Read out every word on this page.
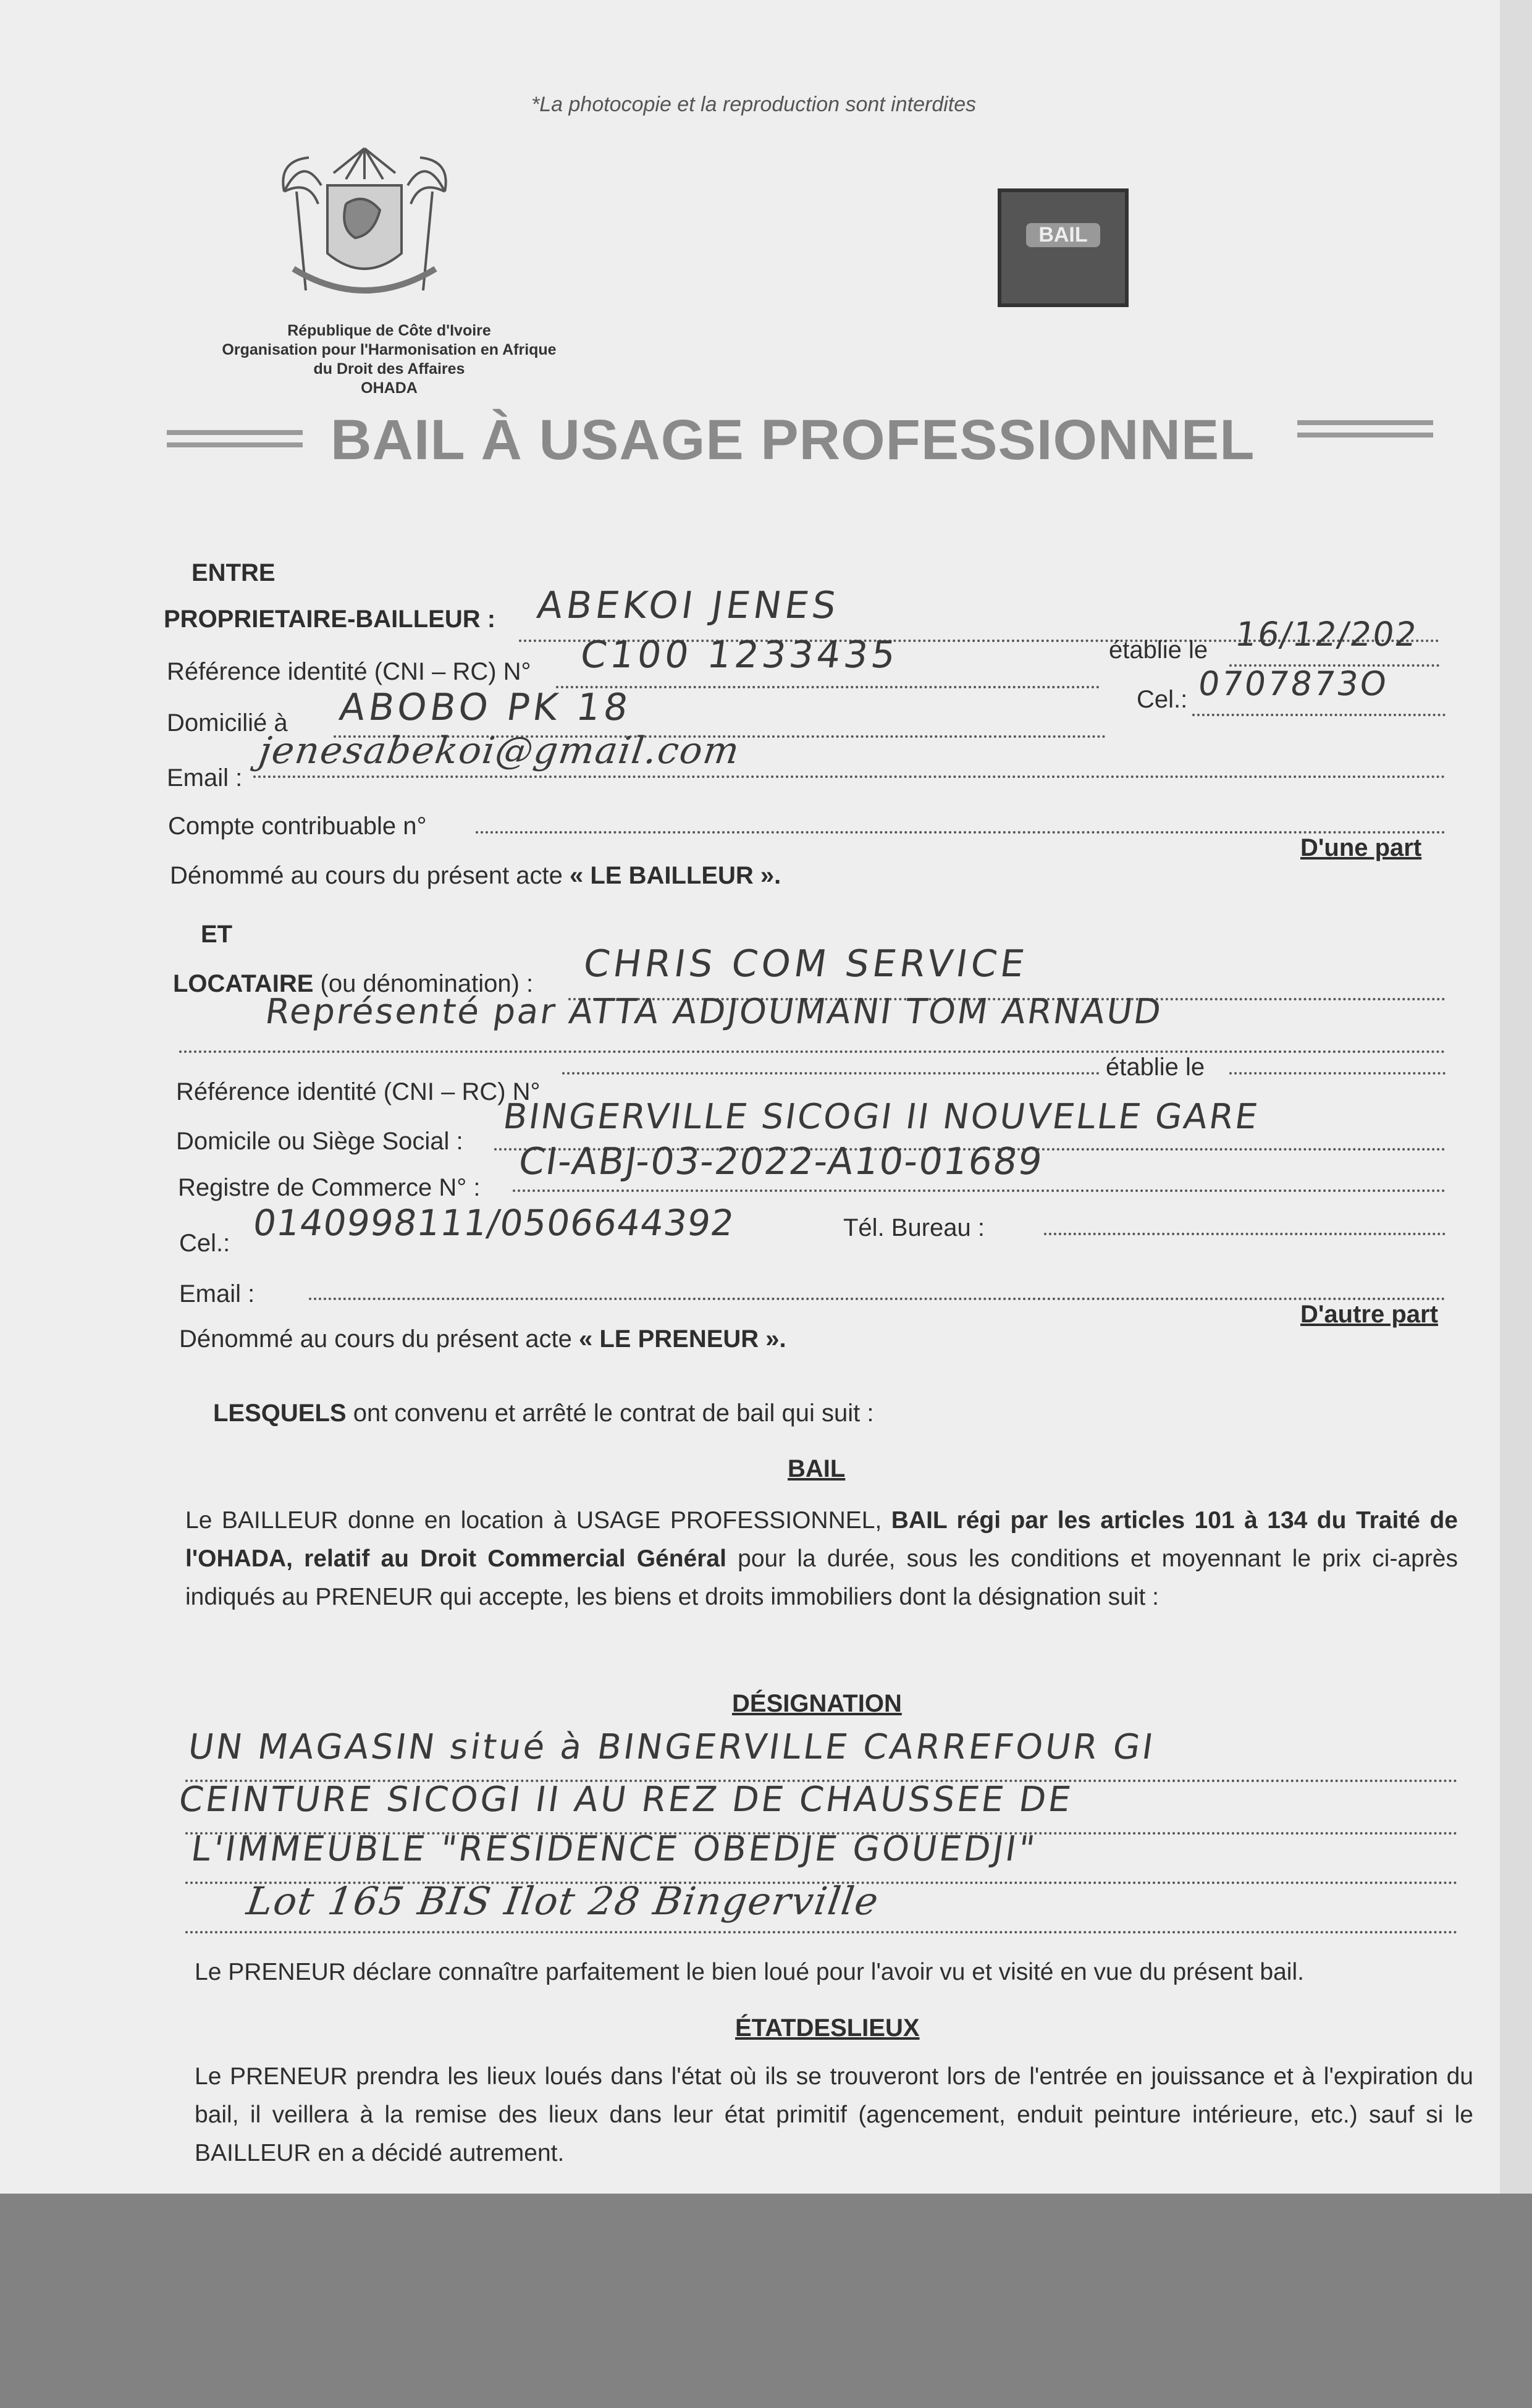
*La photocopie et la reproduction sont interdites
République de Côte d'Ivoire
Organisation pour l'Harmonisation en Afrique
du Droit des Affaires
OHADA
BAIL
BAIL À USAGE PROFESSIONNEL
ENTRE
PROPRIETAIRE-BAILLEUR : ABEKOI JENES
Référence identité (CNI – RC) N° C100 1233435	établie le 16/12/202
Domicilié à ABOBO PK 18	Cel.: 0707873O
Email :
jenesabekoi@gmail.com
Compte contribuable n°
Dénommé au cours du présent acte « LE BAILLEUR ».
D'une part
ET
LOCATAIRE (ou dénomination) : CHRIS COM SERVICE
Représenté par ATTA ADJOUMANI TOM ARNAUD
Référence identité (CNI – RC) N°
établie le
Domicile ou Siège Social :
BINGERVILLE SICOGI II NOUVELLE GARE
Registre de Commerce N° :
CI-ABJ-03-2022-A10-01689
Cel.: 0140998111/0506644392	Tél. Bureau :
Email :
Dénommé au cours du présent acte « LE PRENEUR ».
D'autre part
LESQUELS ont convenu et arrêté le contrat de bail qui suit :
BAIL
Le BAILLEUR donne en location à USAGE PROFESSIONNEL, BAIL régi par les articles 101 à 134 du Traité de l'OHADA, relatif au Droit Commercial Général pour la durée, sous les conditions et moyennant le prix ci-après indiqués au PRENEUR qui accepte, les biens et droits immobiliers dont la désignation suit :
DÉSIGNATION
UN MAGASIN situé à BINGERVILLE CARREFOUR GI
CEINTURE SICOGI II AU REZ DE CHAUSSEE DE
L'IMMEUBLE "RESIDENCE OBEDJE GOUEDJI"
Lot 165 BIS Ilot 28 Bingerville
Le PRENEUR déclare connaître parfaitement le bien loué pour l'avoir vu et visité en vue du présent bail.
ÉTATDESLIEUX
Le PRENEUR prendra les lieux loués dans l'état où ils se trouveront lors de l'entrée en jouissance et à l'expiration du bail, il veillera à la remise des lieux dans leur état primitif (agencement, enduit peinture intérieure, etc.) sauf si le BAILLEUR en a décidé autrement.
